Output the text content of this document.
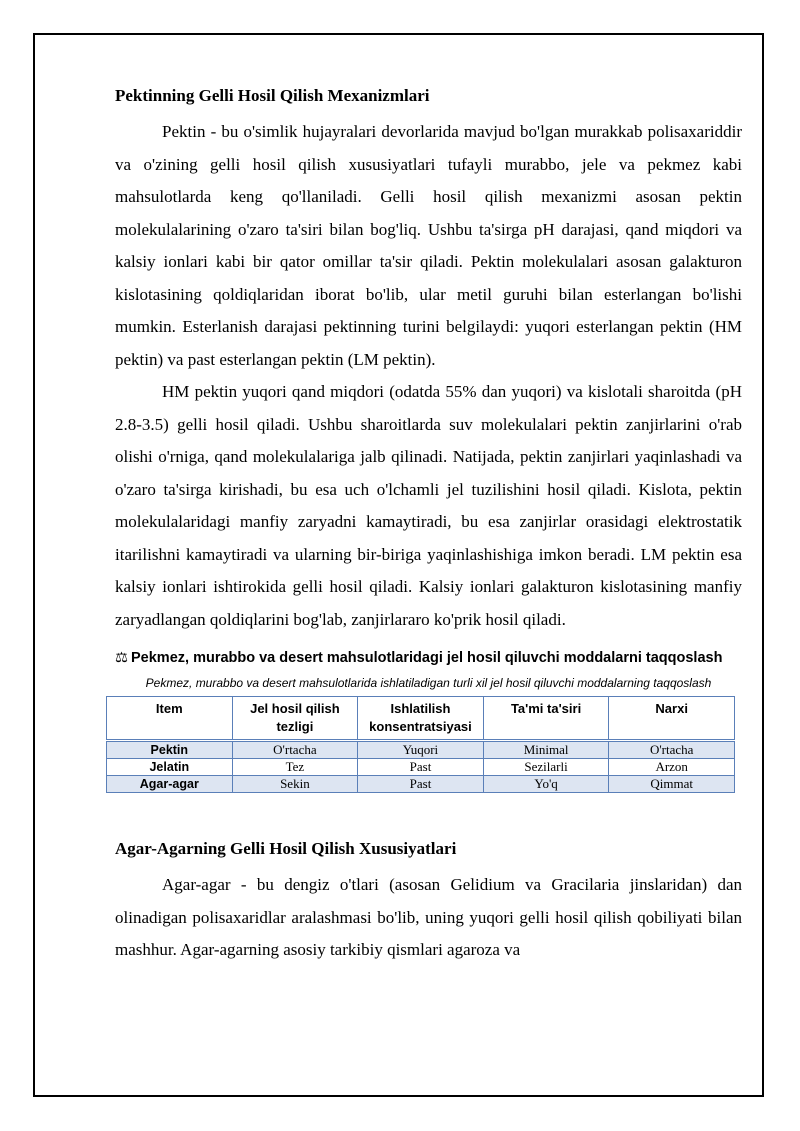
Pektinning Gelli Hosil Qilish Mexanizmlari

Pektin - bu o'simlik hujayralari devorlarida mavjud bo'lgan murakkab polisaxariddir va o'zining gelli hosil qilish xususiyatlari tufayli murabbo, jele va pekmez kabi mahsulotlarda keng qo'llaniladi. Gelli hosil qilish mexanizmi asosan pektin molekulalarining o'zaro ta'siri bilan bog'liq. Ushbu ta'sirga pH darajasi, qand miqdori va kalsiy ionlari kabi bir qator omillar ta'sir qiladi. Pektin molekulalari asosan galakturon kislotasining qoldiqlaridan iborat bo'lib, ular metil guruhi bilan esterlangan bo'lishi mumkin. Esterlanish darajasi pektinning turini belgilaydi: yuqori esterlangan pektin (HM pektin) va past esterlangan pektin (LM pektin).

HM pektin yuqori qand miqdori (odatda 55% dan yuqori) va kislotali sharoitda (pH 2.8-3.5) gelli hosil qiladi. Ushbu sharoitlarda suv molekulalari pektin zanjirlarini o'rab olishi o'rniga, qand molekulalariga jalb qilinadi. Natijada, pektin zanjirlari yaqinlashadi va o'zaro ta'sirga kirishadi, bu esa uch o'lchamli jel tuzilishini hosil qiladi. Kislota, pektin molekulalaridagi manfiy zaryadni kamaytiradi, bu esa zanjirlar orasidagi elektrostatik itarilishni kamaytiradi va ularning bir-biriga yaqinlashishiga imkon beradi. LM pektin esa kalsiy ionlari ishtirokida gelli hosil qiladi. Kalsiy ionlari galakturon kislotasining manfiy zaryadlangan qoldiqlarini bog'lab, zanjirlararo ko'prik hosil qiladi.

⚖ Pekmez, murabbo va desert mahsulotlaridagi jel hosil qiluvchi moddalarni taqqoslash
Pekmez, murabbo va desert mahsulotlarida ishlatiladigan turli xil jel hosil qiluvchi moddalarning taqqoslash
Item	Jel hosil qilish tezligi	Ishlatilish konsentratsiyasi	Ta'mi ta'siri	Narxi
Pektin	O'rtacha	Yuqori	Minimal	O'rtacha
Jelatin	Tez	Past	Sezilarli	Arzon
Agar-agar	Sekin	Past	Yo'q	Qimmat
Agar-Agarning Gelli Hosil Qilish Xususiyatlari

Agar-agar - bu dengiz o'tlari (asosan Gelidium va Gracilaria jinslaridan) dan olinadigan polisaxaridlar aralashmasi bo'lib, uning yuqori gelli hosil qilish qobiliyati bilan mashhur. Agar-agarning asosiy tarkibiy qismlari agaroza va
